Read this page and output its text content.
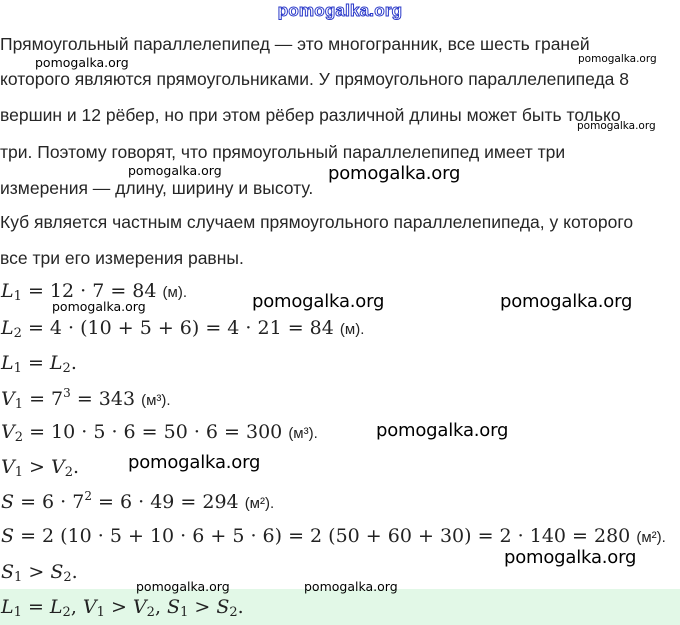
pomogalka.org
Прямоугольный параллелепипед — это многогранник, все шесть граней
которого являются прямоугольниками. У прямоугольного параллелепипеда 8
вершин и 12 рёбер, но при этом рёбер различной длины может быть только
три. Поэтому говорят, что прямоугольный параллелепипед имеет три
измерения — длину, ширину и высоту.
Куб является частным случаем прямоугольного параллелепипеда, у которого
все три его измерения равны.
$L_1 = 12 \cdot 7 = 84$ (м).
$L_2 = 4 \cdot (10 + 5 + 6) = 4 \cdot 21 = 84$ (м).
$L_1 = L_2$.
$V_1 = 7^3 = 343$ (м³).
$V_2 = 10 \cdot 5 \cdot 6 = 50 \cdot 6 = 300$ (м³).
$V_1 > V_2$.
$S = 6 \cdot 7^2 = 6 \cdot 49 = 294$ (м²).
S = 2 (10 · 5 + 10 · 6 + 5 · 6) = 2 (50 + 60 + 30) = 2 · 140 = 280 (м²).
$S_1 > S_2$.
$L_1 = L_2$, $V_1 > V_2$, $S_1 > S_2$.
pomogalka.org	pomogalka.org
pomogalka.org
pomogalka.org	pomogalka.org
pomogalka.org	pomogalka.org
pomogalka.org
pomogalka.org
pomogalka.org
pomogalka.org
pomogalka.org	pomogalka.org
